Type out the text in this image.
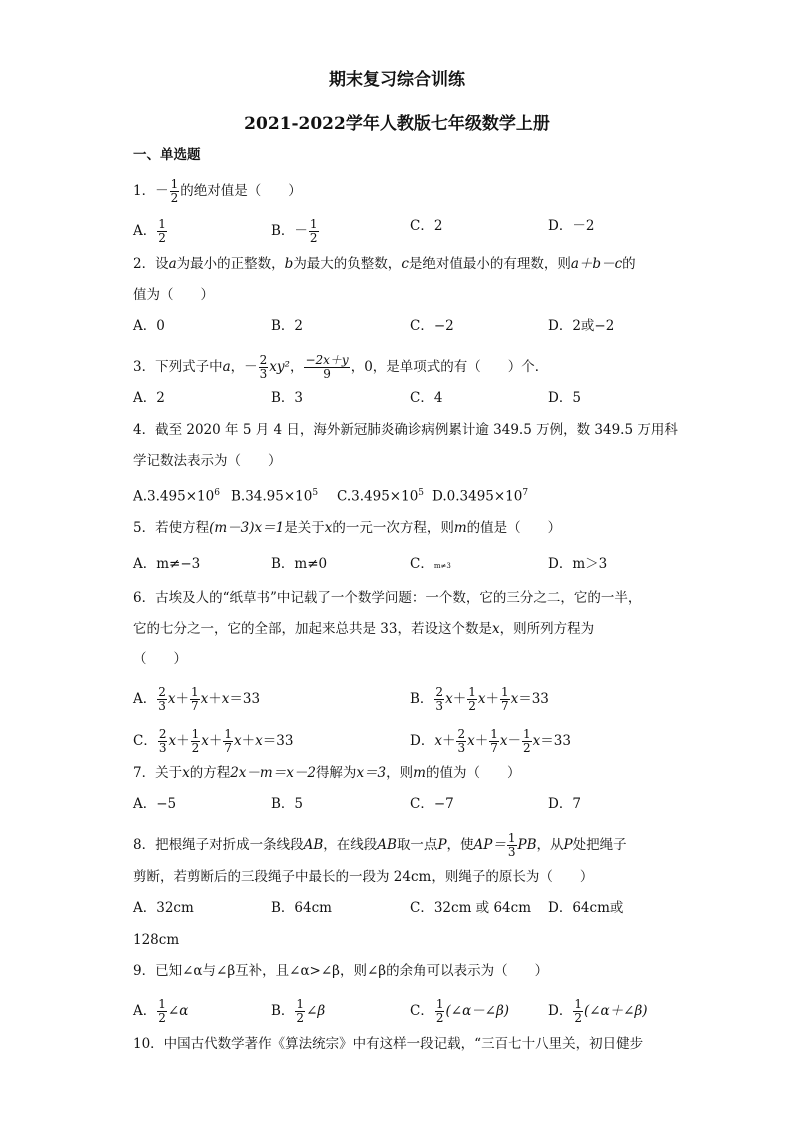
期末复习综合训练
2021-2022学年人教版七年级数学上册
一、单选题
1．－ $\frac{1}{2}$ 的绝对值是（　　）
A． $\frac{1}{2}$	B．－ $\frac{1}{2}$	C．2	D．－2
2．设a为最小的正整数，b为最大的负整数，c是绝对值最小的有理数，则a＋b－c的
值为（　　）
A．0	B．2	C．−2	D．2或−2
3．下列式子中a，－ $\frac{2}{3} xy^2$， $\frac{-2x+y}{9}$ ，0，是单项式的有（　　）个．
A．2	B．3	C．4	D．5
4．截至 2020 年 5 月 4 日，海外新冠肺炎确诊病例累计逾 349.5 万例，数 349.5 万用科
学记数法表示为（　　）
$A.3.495\times 10^6$ $B.34.95\times 10^5$ $C.3.495\times 10^5$ $D.0.3495\times 10^7$
5．若使方程(m－3)x＝1是关于x的一元一次方程，则m的值是（　　）
A．m≠−3	B．m≠0	C．m≠3	D．m＞3
6．古埃及人的“纸草书”中记载了一个数学问题：一个数，它的三分之二，它的一半，
它的七分之一，它的全部，加起来总共是 33，若设这个数是x，则所列方程为
（　　）
A． $\frac{2}{3} x+ \frac{1}{7} x+x=33$	B． $\frac{2}{3} x+ \frac{1}{2} x+ \frac{1}{7} x=33$
C． $\frac{2}{3} x+ \frac{1}{2} x+ \frac{1}{7} x+x=33$	D．$x+ \frac{2}{3} x+ \frac{1}{7} x- \frac{1}{2} x=33$
7．关于x的方程2x－m＝x－2得解为x＝3，则m的值为（　　）
A．−5	B．5	C．−7	D．7
8．把根绳子对折成一条线段AB，在线段AB取一点P，使$AP= \frac{1}{3}$ PB，从P处把绳子
剪断，若剪断后的三段绳子中最长的一段为 24cm，则绳子的原长为（　　）
A．32cm	B．64cm	C．32cm 或 64cm D．64cm或
128cm
9．已知∠α与∠β互补，且∠α>∠β，则∠β的余角可以表示为（　　）
A． $\frac{1}{2}$ ∠α	B． $\frac{1}{2}$ ∠β	C． $\frac{1}{2}$ (∠α－∠β)	D． $\frac{1}{2}$ (∠α＋∠β)
10．中国古代数学著作《算法统宗》中有这样一段记载，“三百七十八里关，初日健步
